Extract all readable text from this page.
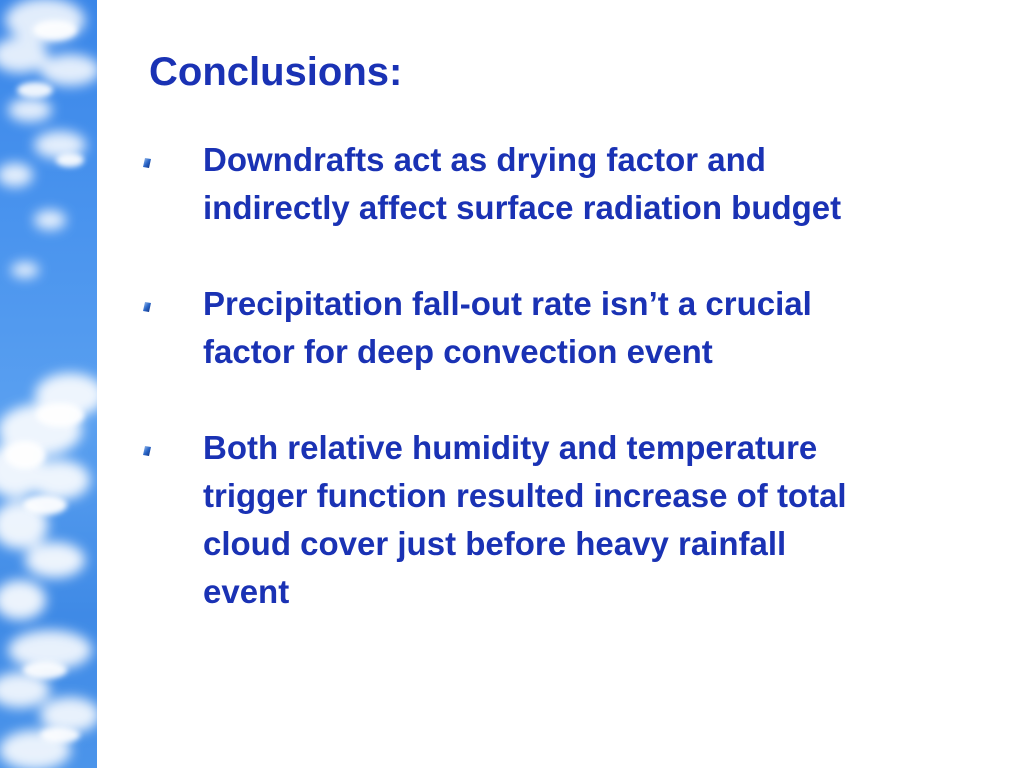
Conclusions:
Downdrafts act as drying factor and
indirectly affect surface radiation budget
Precipitation fall-out rate isn’t a crucial
factor for deep convection event
Both relative humidity and temperature
trigger function resulted increase of total
cloud cover just before heavy rainfall
event
